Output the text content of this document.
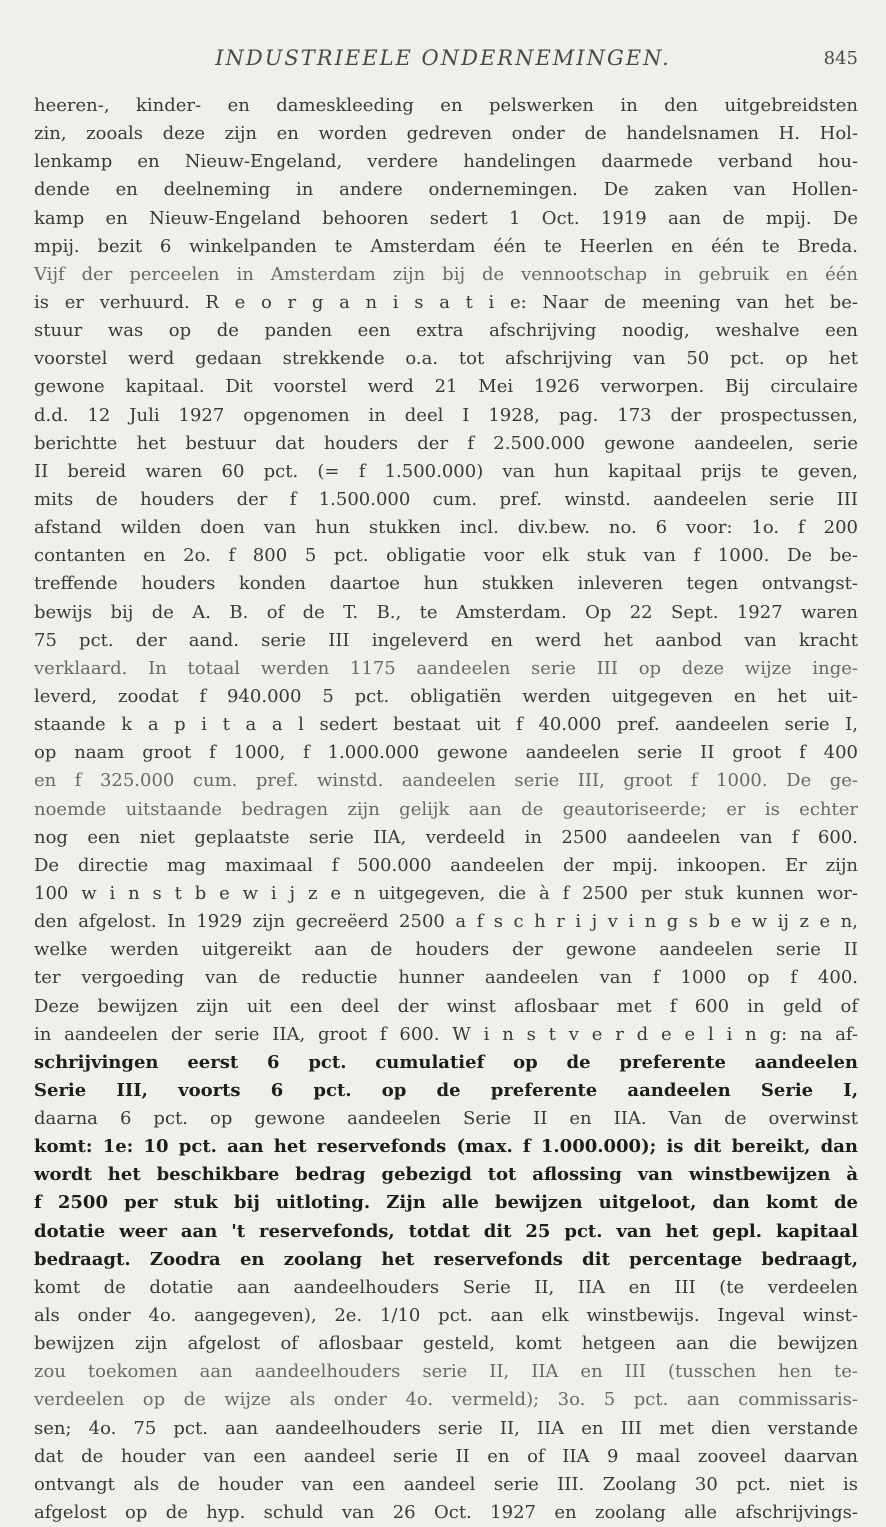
INDUSTRIEELE ONDERNEMINGEN.	845
heeren-, kinder- en dameskleeding en pelswerken in den uitgebreidsten
zin, zooals deze zijn en worden gedreven onder de handelsnamen H. Hol-
lenkamp en Nieuw-Engeland, verdere handelingen daarmede verband hou-
dende en deelneming in andere ondernemingen. De zaken van Hollen-
kamp en Nieuw-Engeland behooren sedert 1 Oct. 1919 aan de mpij. De
mpij. bezit 6 winkelpanden te Amsterdam één te Heerlen en één te Breda.
Vijf der perceelen in Amsterdam zijn bij de vennootschap in gebruik en één
is er verhuurd. R e o r g a n i s a t i e: Naar de meening van het be-
stuur was op de panden een extra afschrijving noodig, weshalve een
voorstel werd gedaan strekkende o.a. tot afschrijving van 50 pct. op het
gewone kapitaal. Dit voorstel werd 21 Mei 1926 verworpen. Bij circulaire
d.d. 12 Juli 1927 opgenomen in deel I 1928, pag. 173 der prospectussen,
berichtte het bestuur dat houders der f 2.500.000 gewone aandeelen, serie
II bereid waren 60 pct. (= f 1.500.000) van hun kapitaal prijs te geven,
mits de houders der f 1.500.000 cum. pref. winstd. aandeelen serie III
afstand wilden doen van hun stukken incl. div.bew. no. 6 voor: 1o. f 200
contanten en 2o. f 800 5 pct. obligatie voor elk stuk van f 1000. De be-
treffende houders konden daartoe hun stukken inleveren tegen ontvangst-
bewijs bij de A. B. of de T. B., te Amsterdam. Op 22 Sept. 1927 waren
75 pct. der aand. serie III ingeleverd en werd het aanbod van kracht
verklaard. In totaal werden 1175 aandeelen serie III op deze wijze inge-
leverd, zoodat f 940.000 5 pct. obligatiën werden uitgegeven en het uit-
staande k a p i t a a l sedert bestaat uit f 40.000 pref. aandeelen serie I,
op naam groot f 1000, f 1.000.000 gewone aandeelen serie II groot f 400
en f 325.000 cum. pref. winstd. aandeelen serie III, groot f 1000. De ge-
noemde uitstaande bedragen zijn gelijk aan de geautoriseerde; er is echter
nog een niet geplaatste serie IIA, verdeeld in 2500 aandeelen van f 600.
De directie mag maximaal f 500.000 aandeelen der mpij. inkoopen. Er zijn
100 w i n s t b e w i j z e n uitgegeven, die à f 2500 per stuk kunnen wor-
den afgelost. In 1929 zijn gecreëerd 2500 a f s c h r i j v i n g s b e w ij z e n,
welke werden uitgereikt aan de houders der gewone aandeelen serie II
ter vergoeding van de reductie hunner aandeelen van f 1000 op f 400.
Deze bewijzen zijn uit een deel der winst aflosbaar met f 600 in geld of
in aandeelen der serie IIA, groot f 600. W i n s t v e r d e e l i n g: na af-
schrijvingen eerst 6 pct. cumulatief op de preferente aandeelen
Serie III, voorts 6 pct. op de preferente aandeelen Serie I,
daarna 6 pct. op gewone aandeelen Serie II en IIA. Van de overwinst
komt: 1e: 10 pct. aan het reservefonds (max. f 1.000.000); is dit bereikt, dan
wordt het beschikbare bedrag gebezigd tot aflossing van winstbewijzen à
f 2500 per stuk bij uitloting. Zijn alle bewijzen uitgeloot, dan komt de
dotatie weer aan 't reservefonds, totdat dit 25 pct. van het gepl. kapitaal
bedraagt. Zoodra en zoolang het reservefonds dit percentage bedraagt,
komt de dotatie aan aandeelhouders Serie II, IIA en III (te verdeelen
als onder 4o. aangegeven), 2e. 1/10 pct. aan elk winstbewijs. Ingeval winst-
bewijzen zijn afgelost of aflosbaar gesteld, komt hetgeen aan die bewijzen
zou toekomen aan aandeelhouders serie II, IIA en III (tusschen hen te-
verdeelen op de wijze als onder 4o. vermeld); 3o. 5 pct. aan commissaris-
sen; 4o. 75 pct. aan aandeelhouders serie II, IIA en III met dien verstande
dat de houder van een aandeel serie II en of IIA 9 maal zooveel daarvan
ontvangt als de houder van een aandeel serie III. Zoolang 30 pct. niet is
afgelost op de hyp. schuld van 26 Oct. 1927 en zoolang alle afschrijvings-
